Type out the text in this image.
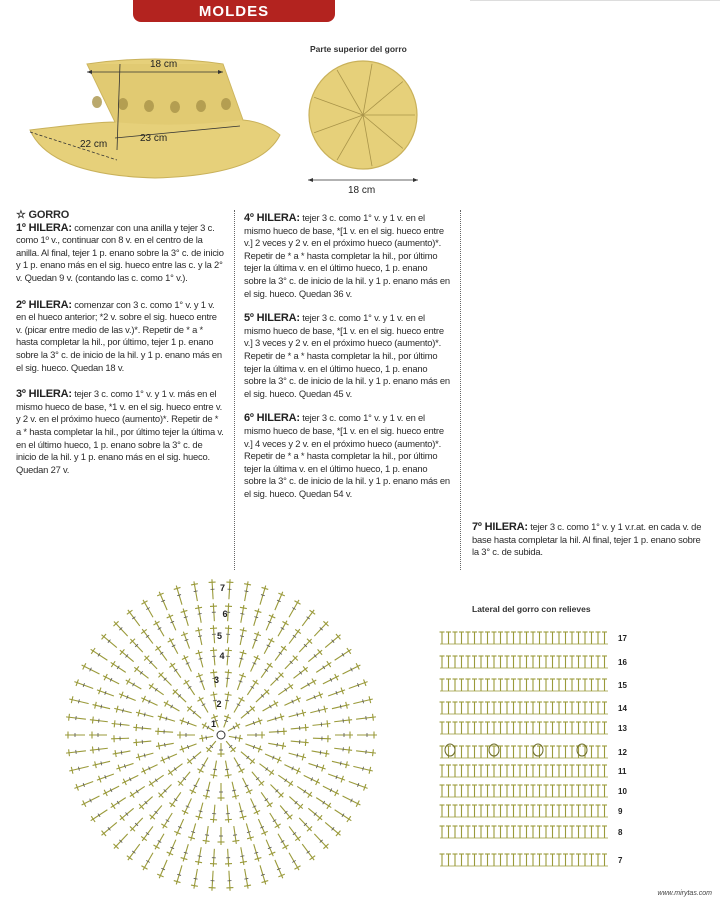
MOLDES
18 cm
23 cm
22 cm
Parte superior del gorro
18 cm
☆ GORRO

1º HILERA: comenzar con una anilla y tejer 3 c. como 1º v., continuar con 8 v. en el centro de la anilla. Al final, tejer 1 p. enano sobre la 3° c. de inicio y 1 p. enano más en el sig. hueco entre las c. y la 2° v. Quedan 9 v. (contando las c. como 1° v.).

2º HILERA: comenzar con 3 c. como 1° v. y 1 v. en el hueco anterior; *2 v. sobre el sig. hueco entre v. (picar entre medio de las v.)*. Repetir de * a * hasta completar la hil., por último, tejer 1 p. enano sobre la 3° c. de inicio de la hil. y 1 p. enano más en el sig. hueco. Quedan 18 v.

3º HILERA: tejer 3 c. como 1° v. y 1 v. más en el mismo hueco de base, *1 v. en el sig. hueco entre v. y 2 v. en el próximo hueco (aumento)*. Repetir de * a * hasta completar la hil., por último tejer la última v. en el último hueco, 1 p. enano sobre la 3° c. de inicio de la hil. y 1 p. enano más en el sig. hueco. Quedan 27 v.

4º HILERA: tejer 3 c. como 1° v. y 1 v. en el mismo hueco de base, *[1 v. en el sig. hueco entre v.] 2 veces y 2 v. en el próximo hueco (aumento)*. Repetir de * a * hasta completar la hil., por último tejer la última v. en el último hueco, 1 p. enano sobre la 3° c. de inicio de la hil. y 1 p. enano más en el sig. hueco. Quedan 36 v.

5º HILERA: tejer 3 c. como 1° v. y 1 v. en el mismo hueco de base, *[1 v. en el sig. hueco entre v.] 3 veces y 2 v. en el próximo hueco (aumento)*. Repetir de * a * hasta completar la hil., por último tejer la última v. en el último hueco, 1 p. enano sobre la 3° c. de inicio de la hil. y 1 p. enano más en el sig. hueco. Quedan 45 v.

6º HILERA: tejer 3 c. como 1° v. y 1 v. en el mismo hueco de base, *[1 v. en el sig. hueco entre v.] 4 veces y 2 v. en el próximo hueco (aumento)*. Repetir de * a * hasta completar la hil., por último tejer la última v. en el último hueco, 1 p. enano sobre la 3° c. de inicio de la hil. y 1 p. enano más en el sig. hueco. Quedan 54 v.

7º HILERA: tejer 3 c. como 1° v. y 1 v.r.at. en cada v. de base hasta completar la hil. Al final, tejer 1 p. enano sobre la 3° c. de subida.

1
2
3
4
5
6
7
Lateral del gorro con relieves
17
16
15
14
13
12
11
10
9
8
7
www.mirytas.com
